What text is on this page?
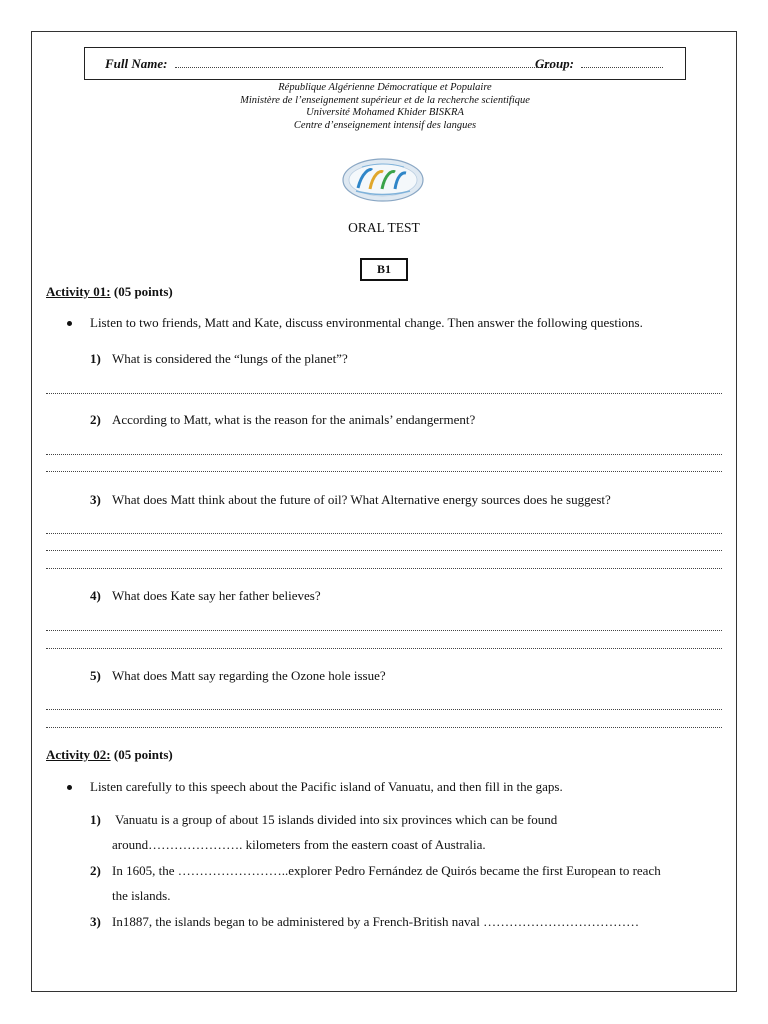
Full Name:	Group:
République Algérienne Démocratique et Populaire
Ministère de l’enseignement supérieur et de la recherche scientifique
Université Mohamed Khider BISKRA
Centre d’enseignement intensif des langues
ORAL TEST
B1
Activity 01: (05 points)
Listen to two friends, Matt and Kate, discuss environmental change. Then answer the following questions.
1) What is considered the “lungs of the planet”?
2) According to Matt, what is the reason for the animals’ endangerment?
3) What does Matt think about the future of oil? What Alternative energy sources does he suggest?
4) What does Kate say her father believes?
5) What does Matt say regarding the Ozone hole issue?
Activity 02: (05 points)
Listen carefully to this speech about the Pacific island of Vanuatu, and then fill in the gaps.
1) Vanuatu is a group of about 15 islands divided into six provinces which can be found
around…………………. kilometers from the eastern coast of Australia.
2) In 1605, the ……………………..explorer Pedro Fernández de Quirós became the first European to reach
the islands.
3) In1887, the islands began to be administered by a French-British naval ………………………………
